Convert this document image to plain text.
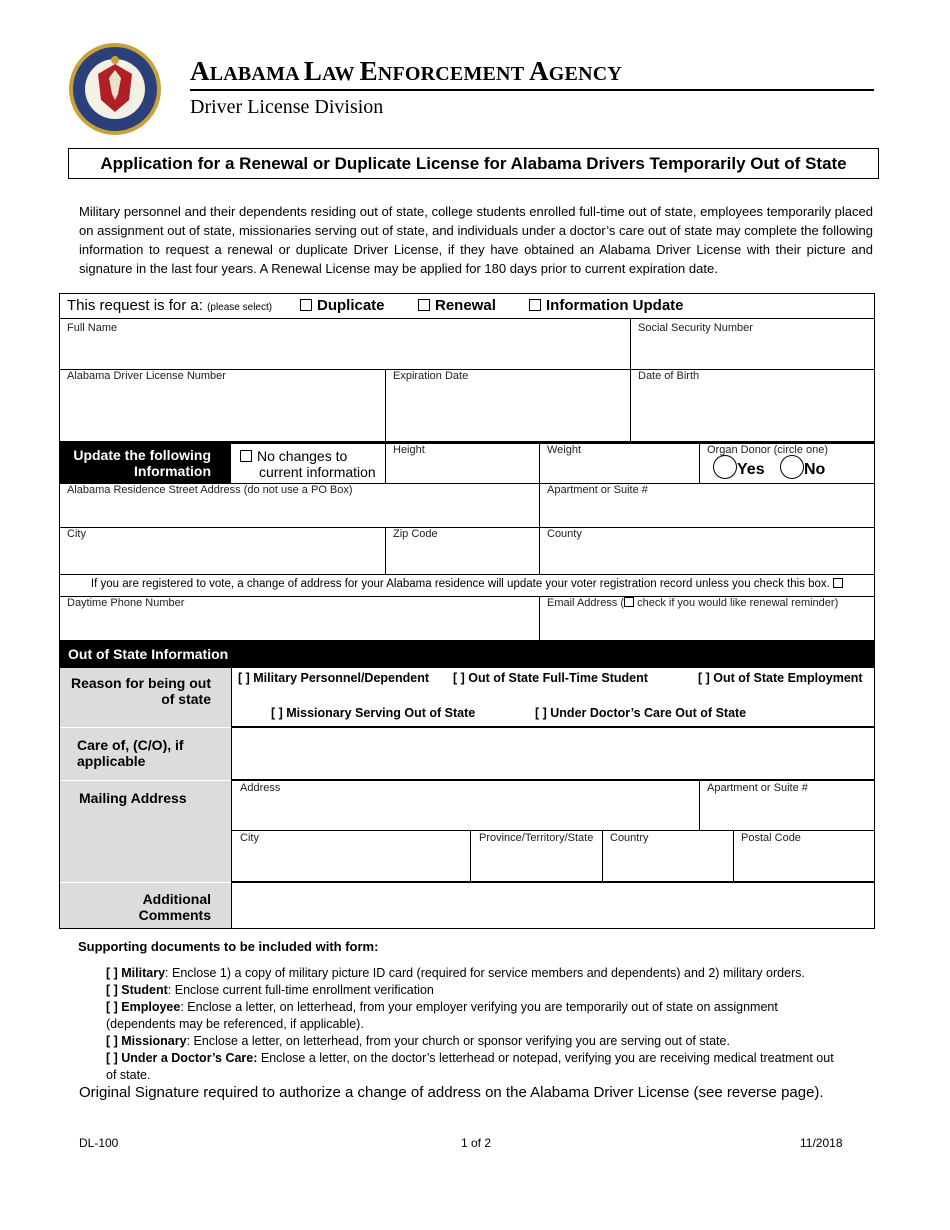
ALABAMA LAW ENFORCEMENT AGENCY
Driver License Division
Application for a Renewal or Duplicate License for Alabama Drivers Temporarily Out of State
Military personnel and their dependents residing out of state, college students enrolled full-time out of state, employees temporarily placed on assignment out of state, missionaries serving out of state, and individuals under a doctor’s care out of state may complete the following information to request a renewal or duplicate Driver License, if they have obtained an Alabama Driver License with their picture and signature in the last four years. A Renewal License may be applied for 180 days prior to current expiration date.
This request is for a: (please select)	Duplicate	Renewal	Information Update
Full Name	Social Security Number
Alabama Driver License Number	Expiration Date	Date of Birth
Update the following
Information
No changes to
current information
Height	Weight	Organ Donor (circle one)
Yes	No
Alabama Residence Street Address (do not use a PO Box)	Apartment or Suite #
City	Zip Code	County
If you are registered to vote, a change of address for your Alabama residence will update your voter registration record unless you check this box.
Daytime Phone Number	Email Address ( check if you would like renewal reminder)
Out of State Information
Reason for being out
of state
[ ] Military Personnel/Dependent [ ] Out of State Full-Time Student	[ ] Out of State Employment
[ ] Missionary Serving Out of State	[ ] Under Doctor’s Care Out of State
Care of, (C/O), if
applicable
Mailing Address
Address	Apartment or Suite #
City	Province/Territory/State Country	Postal Code
Additional
Comments
Supporting documents to be included with form:
[ ] Military: Enclose 1) a copy of military picture ID card (required for service members and dependents) and 2) military orders.
[ ] Student: Enclose current full-time enrollment verification
[ ] Employee: Enclose a letter, on letterhead, from your employer verifying you are temporarily out of state on assignment (dependents may be referenced, if applicable).
[ ] Missionary: Enclose a letter, on letterhead, from your church or sponsor verifying you are serving out of state.
[ ] Under a Doctor’s Care: Enclose a letter, on the doctor’s letterhead or notepad, verifying you are receiving medical treatment out of state.
Original Signature required to authorize a change of address on the Alabama Driver License (see reverse page).
DL-100	1 of 2	11/2018
